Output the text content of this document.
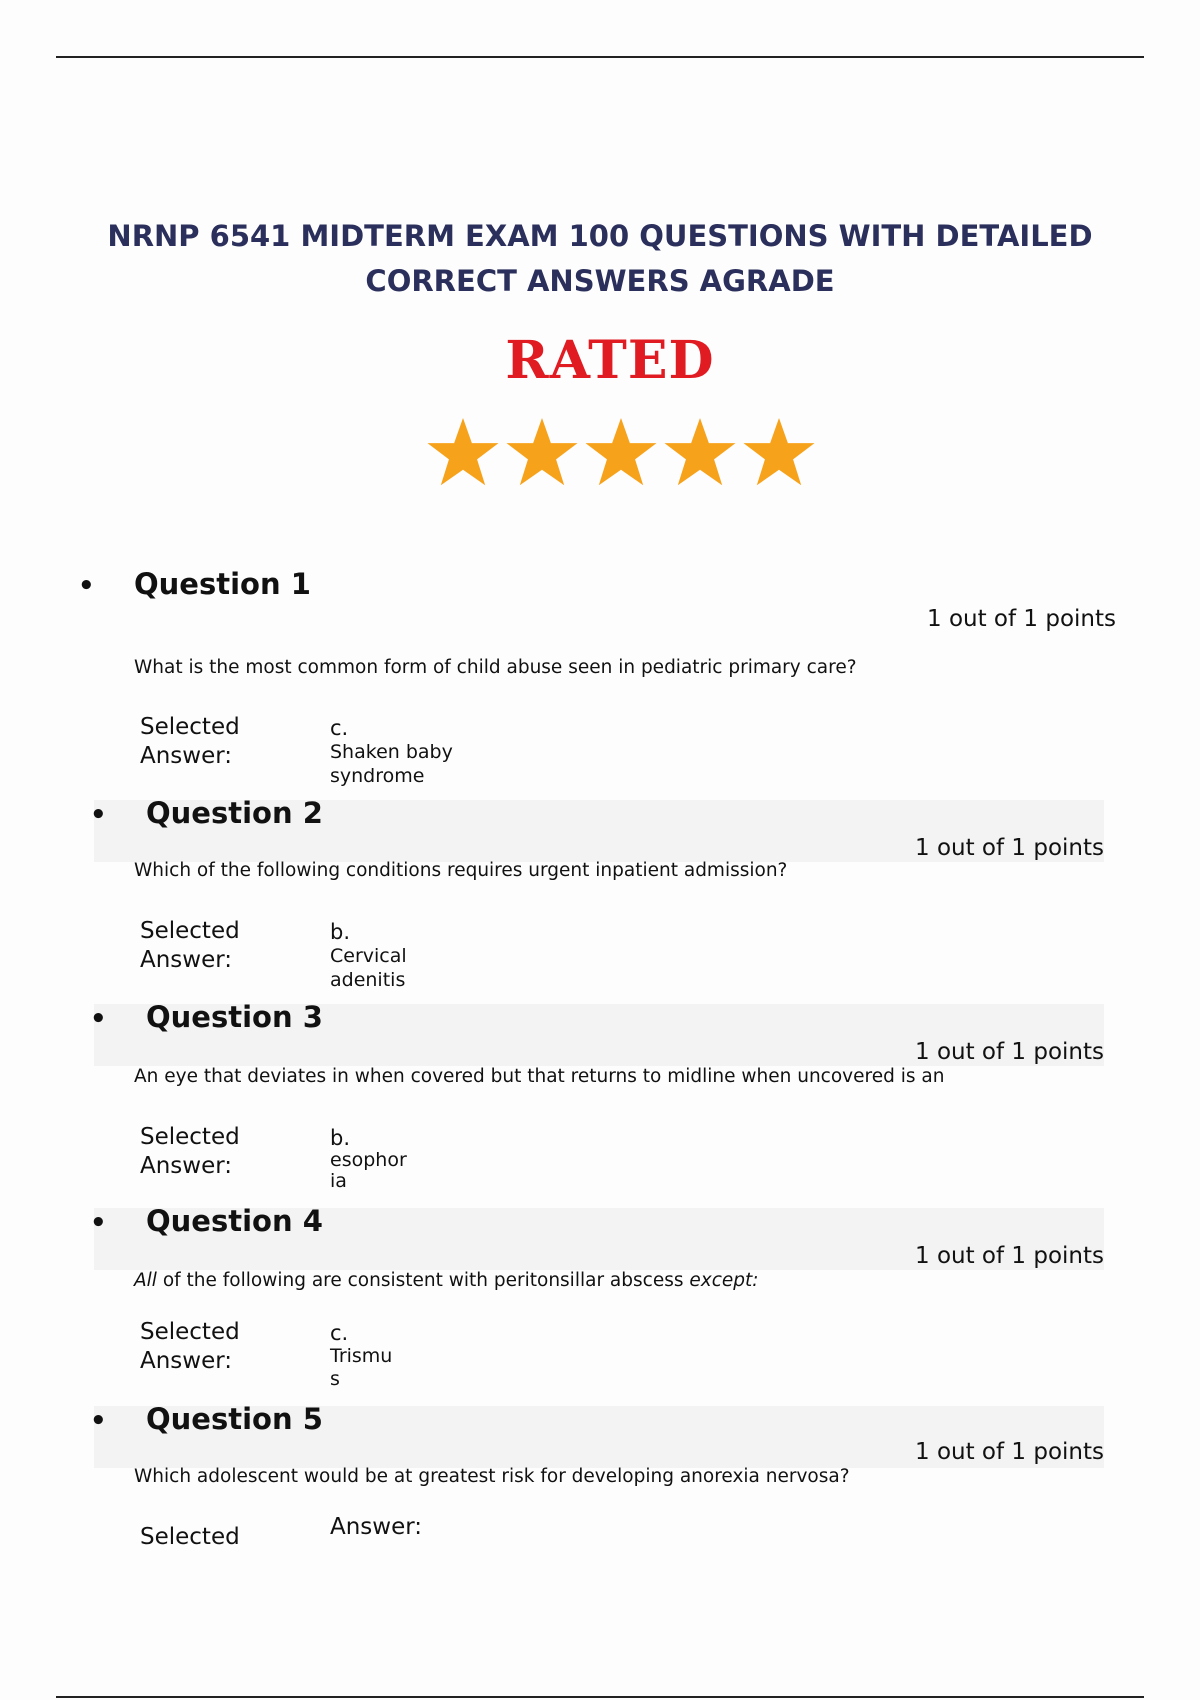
NRNP 6541 MIDTERM EXAM 100 QUESTIONS WITH DETAILED
CORRECT ANSWERS AGRADE
RATED
• Question 1
1 out of 1 points
What is the most common form of child abuse seen in pediatric primary care?
Selected
Answer:
c.
Shaken baby
syndrome
• Question 2
1 out of 1 points
Which of the following conditions requires urgent inpatient admission?
Selected
Answer:
b.
Cervical
adenitis
• Question 3
1 out of 1 points
An eye that deviates in when covered but that returns to midline when uncovered is an
Selected
Answer:
b.
esophor
ia
• Question 4
1 out of 1 points
All of the following are consistent with peritonsillar abscess except:
Selected
Answer:
c.
Trismu
s
• Question 5
1 out of 1 points
Which adolescent would be at greatest risk for developing anorexia nervosa?
Selected	Answer:
